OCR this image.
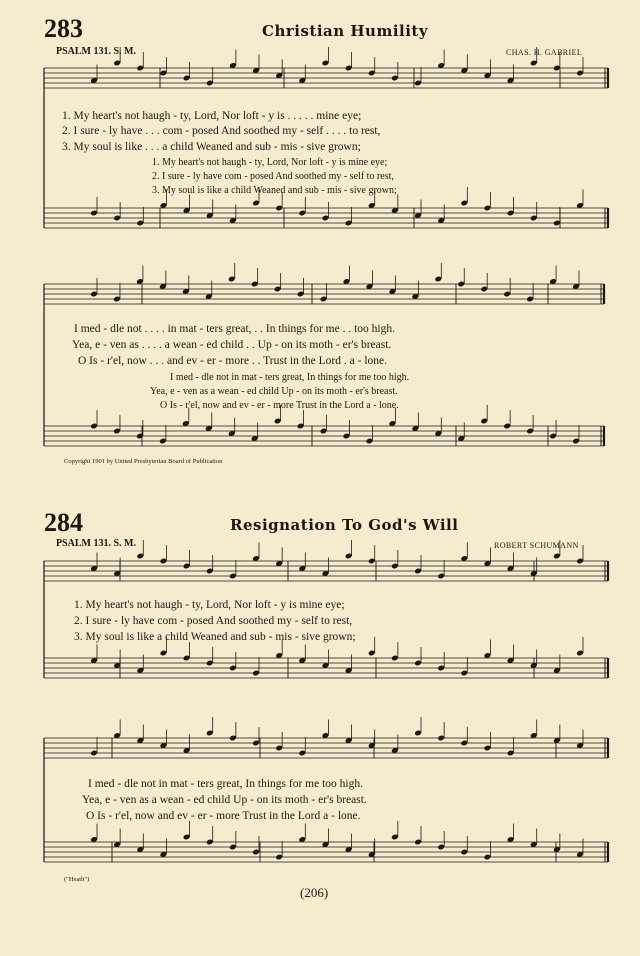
283	Christian Humility
PSALM 131. S. M.	CHAS. H. GABRIEL
1. My heart's not haugh - ty, Lord, Nor loft - y is . . . . . mine eye;
2. I sure - ly have . . . com - posed And soothed my - self . . . . to rest,
3. My soul is like . . . a child Weaned and sub - mis - sive grown;
1. My heart's not haugh - ty, Lord, Nor loft - y is mine eye;
2. I sure - ly have com - posed And soothed my - self to rest,
3. My soul is like a child Weaned and sub - mis - sive grown;
I med - dle not . . . . in mat - ters great, . . In things for me . . too high.
Yea, e - ven as . . . . a wean - ed child . . Up - on its moth - er's breast.
O Is - r'el, now . . . and ev - er - more . . Trust in the Lord . a - lone.
I med - dle not in mat - ters great, In things for me too high.
Yea, e - ven as a wean - ed child Up - on its moth - er's breast.
O Is - r'el, now and ev - er - more Trust in the Lord a - lone.
Copyright 1901 by United Presbyterian Board of Publication
284	Resignation To God's Will
PSALM 131. S. M.	ROBERT SCHUMANN
1. My heart's not haugh - ty, Lord, Nor loft - y is mine eye;
2. I sure - ly have com - posed And soothed my - self to rest,
3. My soul is like a child Weaned and sub - mis - sive grown;
I med - dle not in mat - ters great, In things for me too high.
Yea, e - ven as a wean - ed child Up - on its moth - er's breast.
O Is - r'el, now and ev - er - more Trust in the Lord a - lone.
("Heath")
(206)
